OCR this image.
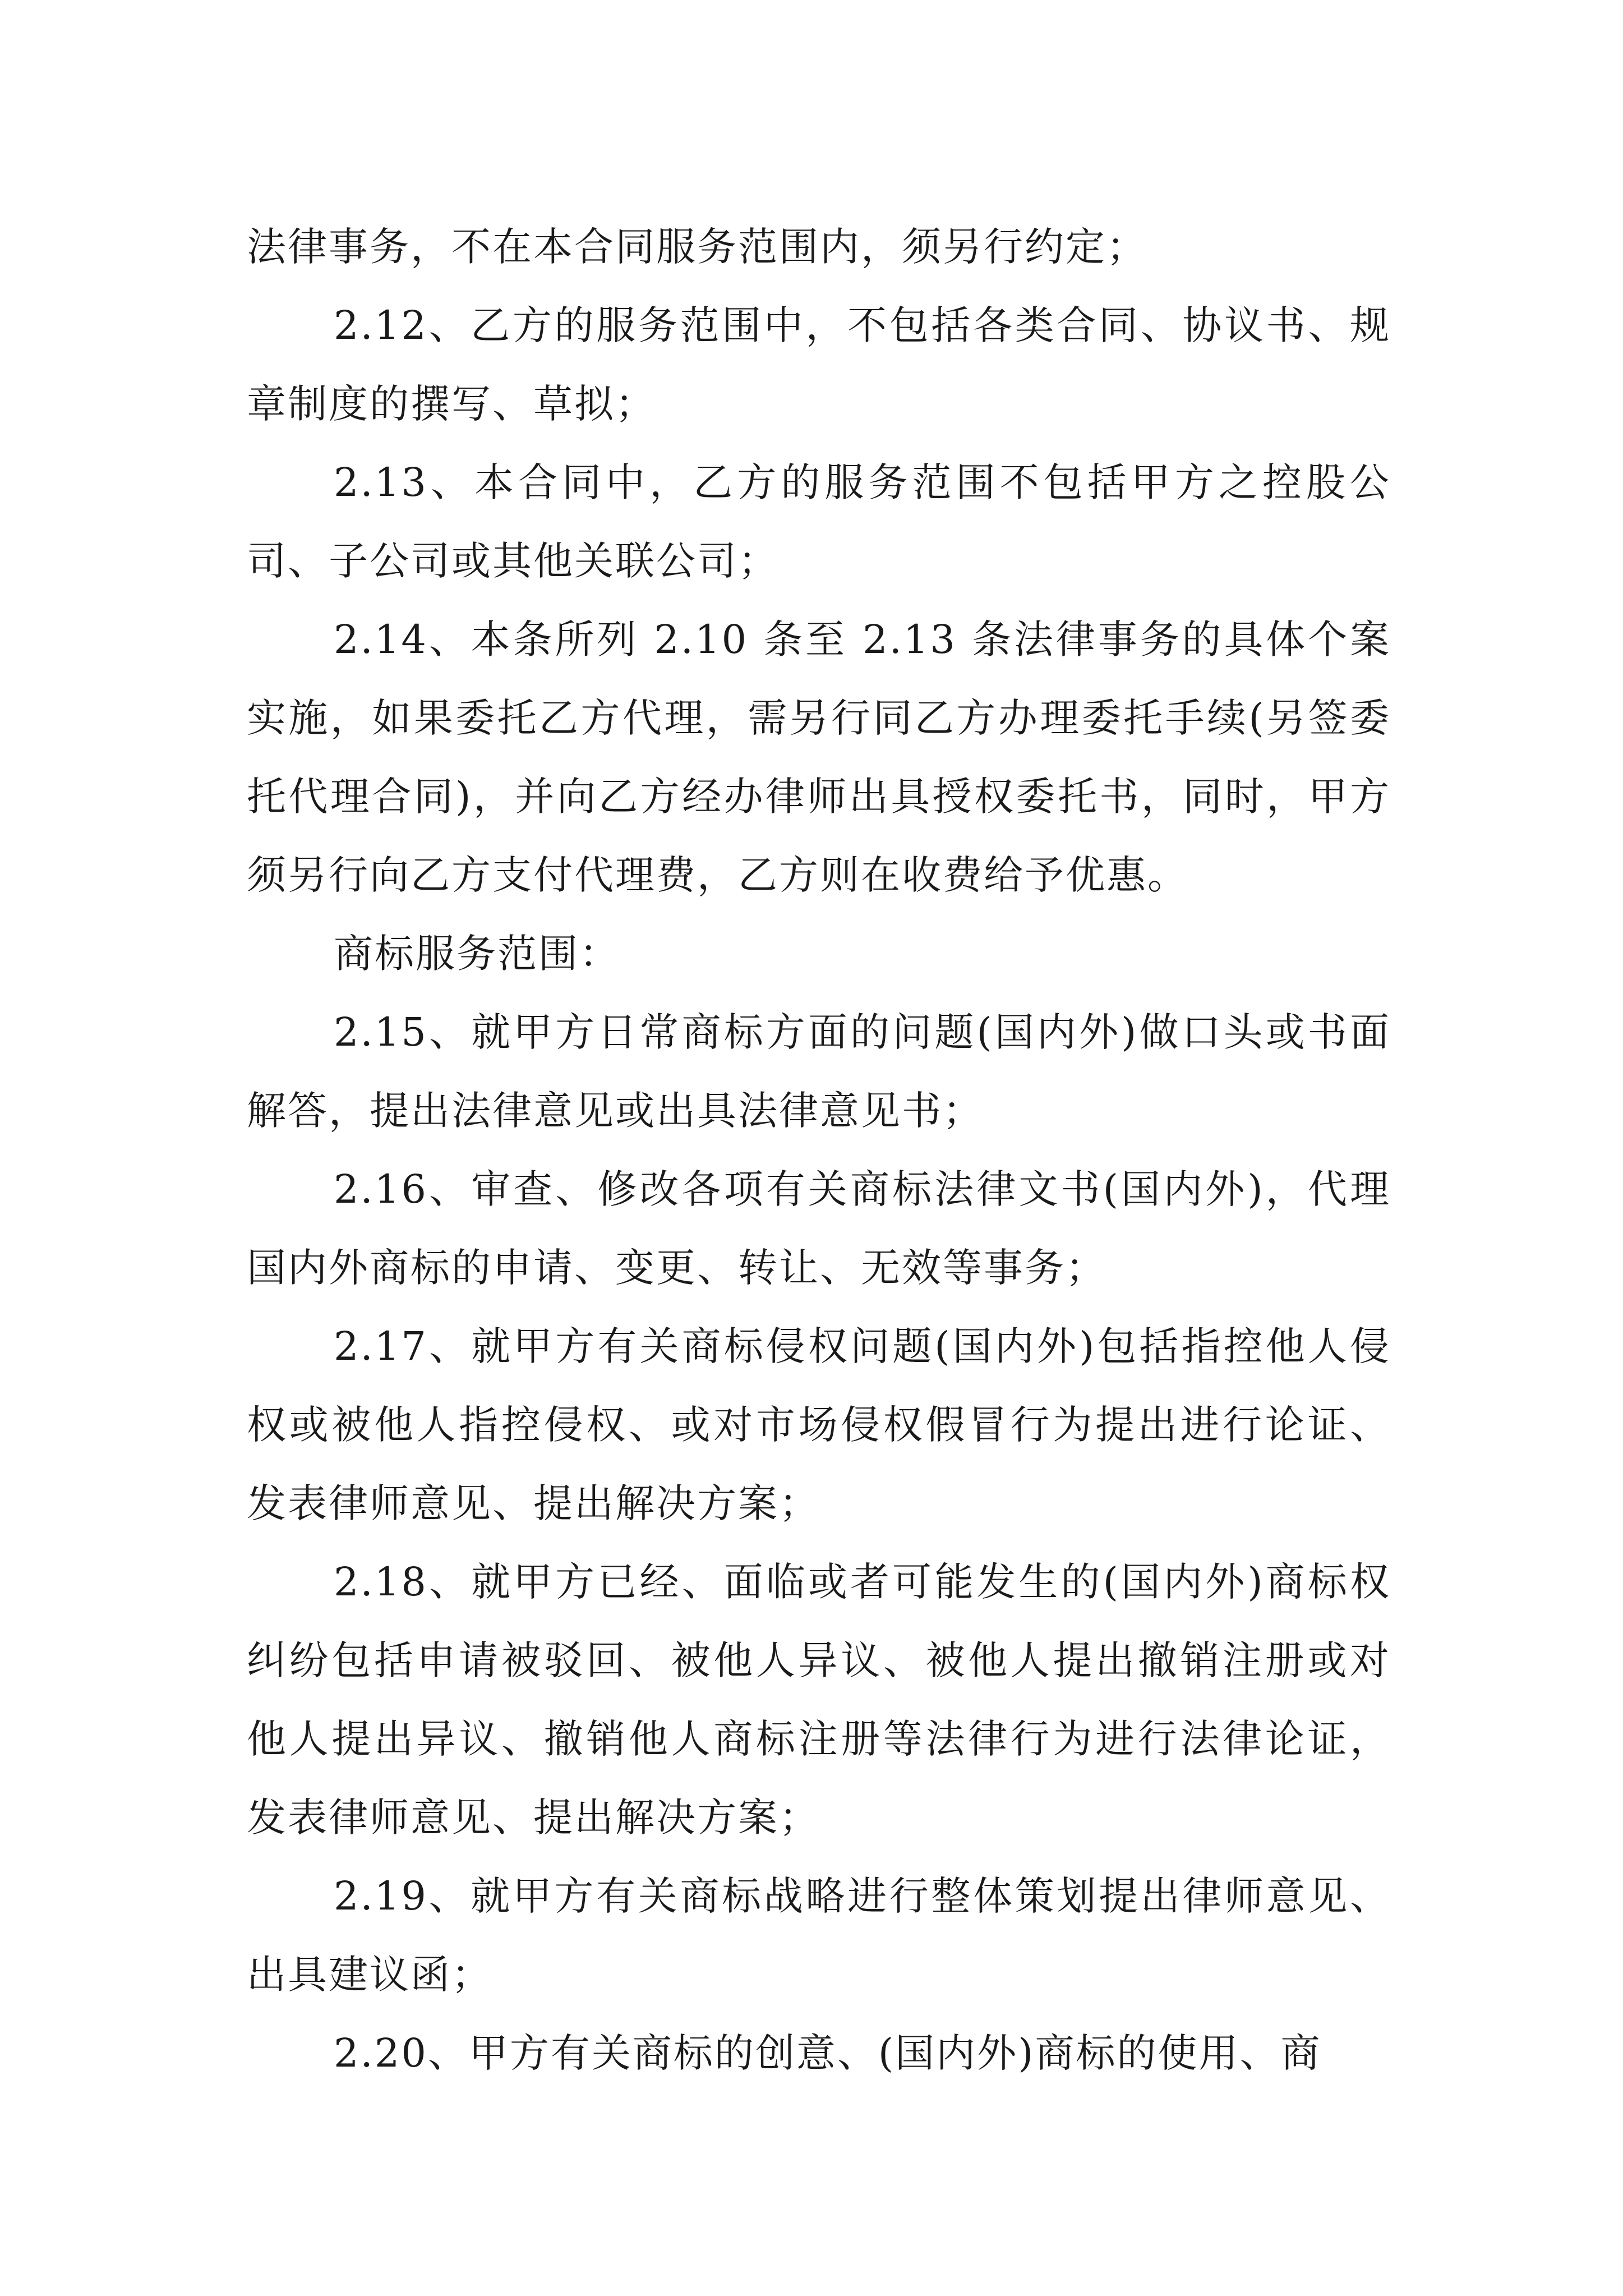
法律事务，不在本合同服务范围内，须另行约定；

2.12、乙方的服务范围中，不包括各类合同、协议书、规章制度的撰写、草拟；

2.13、本合同中，乙方的服务范围不包括甲方之控股公司、子公司或其他关联公司；

2.14、本条所列 2.10 条至 2.13 条法律事务的具体个案实施，如果委托乙方代理，需另行同乙方办理委托手续(另签委托代理合同)，并向乙方经办律师出具授权委托书，同时，甲方须另行向乙方支付代理费，乙方则在收费给予优惠。

商标服务范围：

2.15、就甲方日常商标方面的问题(国内外)做口头或书面解答，提出法律意见或出具法律意见书；

2.16、审查、修改各项有关商标法律文书(国内外)，代理国内外商标的申请、变更、转让、无效等事务；

2.17、就甲方有关商标侵权问题(国内外)包括指控他人侵权或被他人指控侵权、或对市场侵权假冒行为提出进行论证、发表律师意见、提出解决方案；

2.18、就甲方已经、面临或者可能发生的(国内外)商标权纠纷包括申请被驳回、被他人异议、被他人提出撤销注册或对他人提出异议、撤销他人商标注册等法律行为进行法律论证，发表律师意见、提出解决方案；

2.19、就甲方有关商标战略进行整体策划提出律师意见、出具建议函；

2.20、甲方有关商标的创意、(国内外)商标的使用、商
